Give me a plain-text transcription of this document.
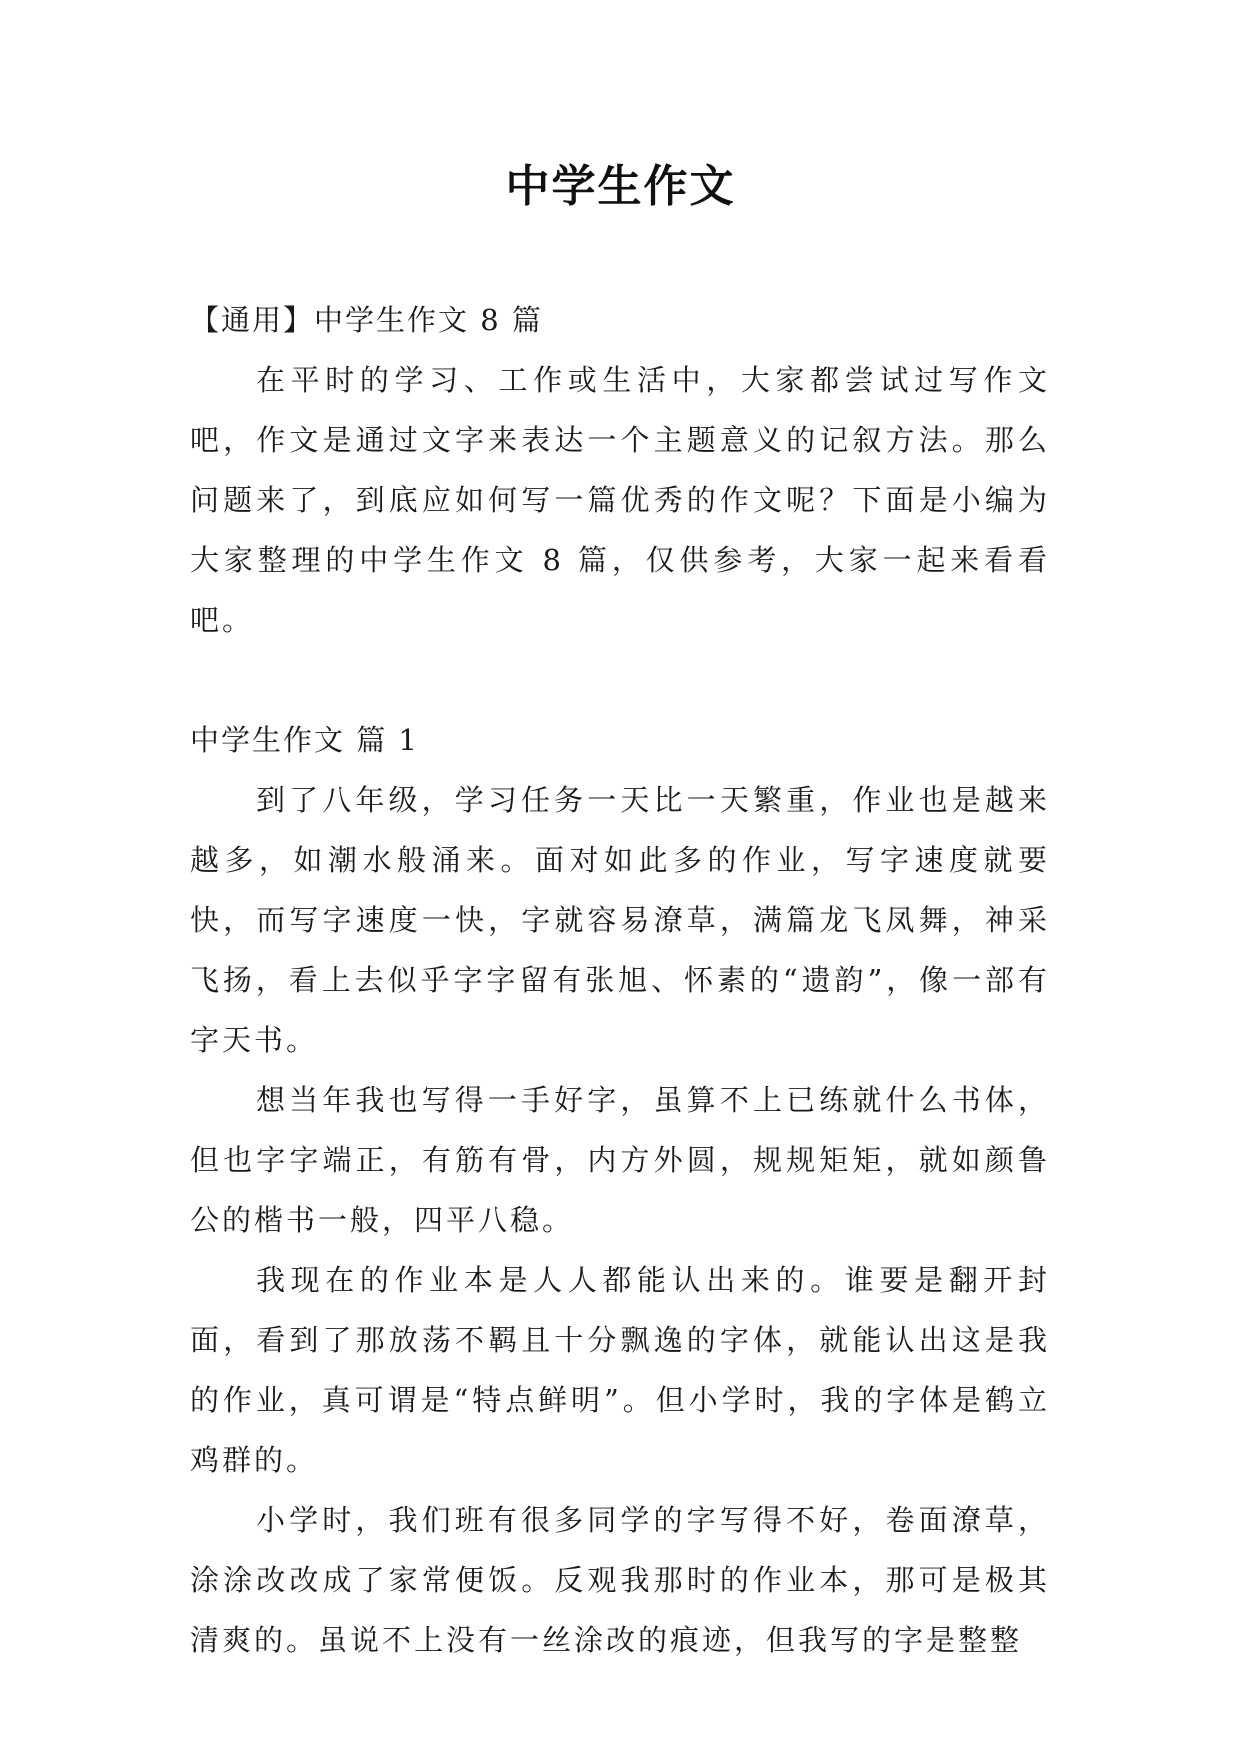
中学生作文

【通用】中学生作文 8 篇

在平时的学习、工作或生活中，大家都尝试过写作文吧，作文是通过文字来表达一个主题意义的记叙方法。那么问题来了，到底应如何写一篇优秀的作文呢？下面是小编为大家整理的中学生作文 8 篇，仅供参考，大家一起来看看吧。

中学生作文 篇 1

到了八年级，学习任务一天比一天繁重，作业也是越来越多，如潮水般涌来。面对如此多的作业，写字速度就要快，而写字速度一快，字就容易潦草，满篇龙飞凤舞，神采飞扬，看上去似乎字字留有张旭、怀素的“遗韵”，像一部有字天书。

想当年我也写得一手好字，虽算不上已练就什么书体，但也字字端正，有筋有骨，内方外圆，规规矩矩，就如颜鲁公的楷书一般，四平八稳。

我现在的作业本是人人都能认出来的。谁要是翻开封面，看到了那放荡不羁且十分飘逸的字体，就能认出这是我的作业，真可谓是“特点鲜明”。但小学时，我的字体是鹤立鸡群的。

小学时，我们班有很多同学的字写得不好，卷面潦草，涂涂改改成了家常便饭。反观我那时的作业本，那可是极其清爽的。虽说不上没有一丝涂改的痕迹，但我写的字是整整
